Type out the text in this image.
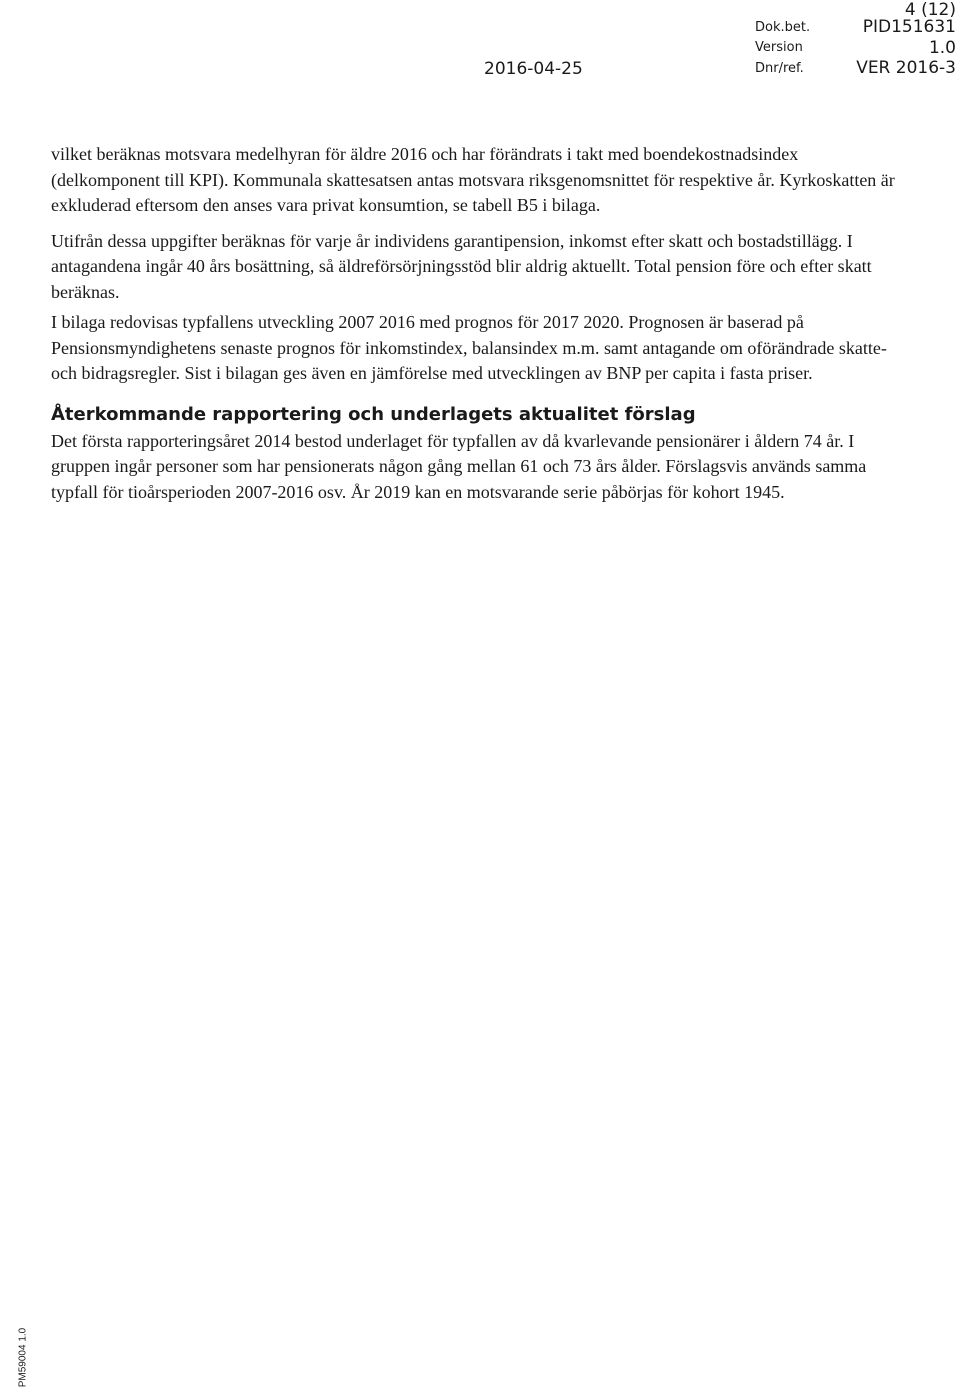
4 (12)
Dok.bet.	PID151631
Version	1.0
2016-04-25	Dnr/ref.	VER 2016-3

vilket beräknas motsvara medelhyran för äldre 2016 och har förändrats i takt med boendekostnadsindex (delkomponent till KPI). Kommunala skattesatsen antas motsvara riksgenomsnittet för respektive år. Kyrkoskatten är exkluderad eftersom den anses vara privat konsumtion, se tabell B5 i bilaga.

Utifrån dessa uppgifter beräknas för varje år individens garantipension, inkomst efter skatt och bostadstillägg. I antagandena ingår 40 års bosättning, så äldreförsörjningsstöd blir aldrig aktuellt. Total pension före och efter skatt beräknas.

I bilaga redovisas typfallens utveckling 2007 2016 med prognos för 2017 2020. Prognosen är baserad på Pensionsmyndighetens senaste prognos för inkomstindex, balansindex m.m. samt antagande om oförändrade skatte-och bidragsregler. Sist i bilagan ges även en jämförelse med utvecklingen av BNP per capita i fasta priser.

Återkommande rapportering och underlagets aktualitet förslag

Det första rapporteringsåret 2014 bestod underlaget för typfallen av då kvarlevande pensionärer i åldern 74 år. I gruppen ingår personer som har pensionerats någon gång mellan 61 och 73 års ålder. Förslagsvis används samma typfall för tioårsperioden 2007-2016 osv. År 2019 kan en motsvarande serie påbörjas för kohort 1945.

PM59004 1.0
